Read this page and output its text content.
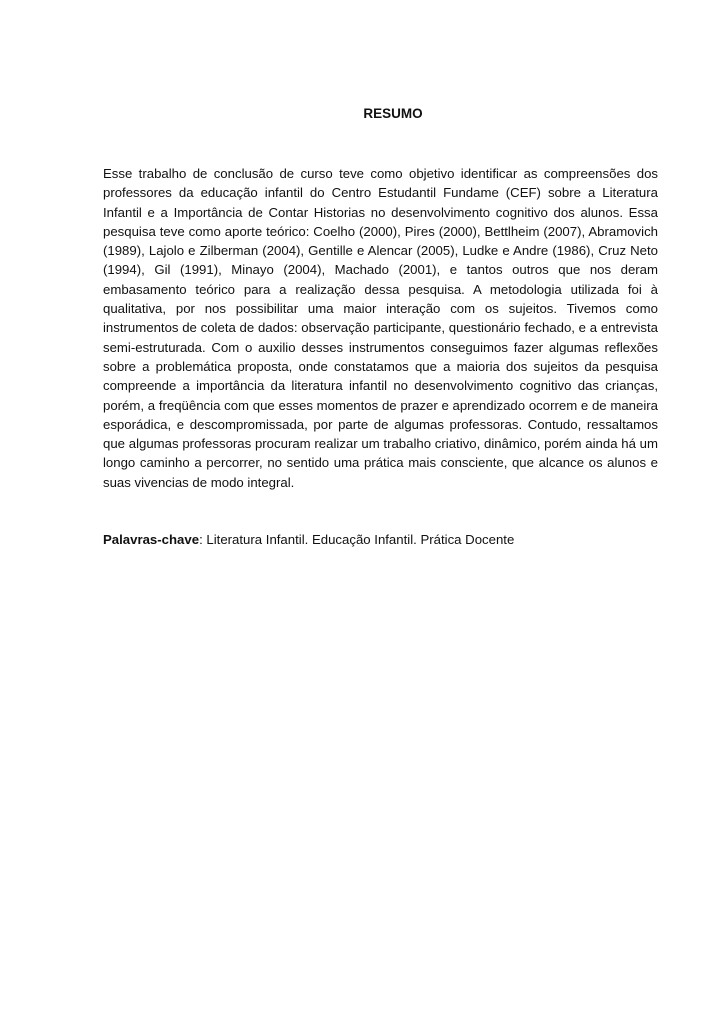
RESUMO

Esse trabalho de conclusão de curso teve como objetivo identificar as compreensões dos professores da educação infantil do Centro Estudantil Fundame (CEF) sobre a Literatura Infantil e a Importância de Contar Historias no desenvolvimento cognitivo dos alunos. Essa pesquisa teve como aporte teórico: Coelho (2000), Pires (2000), Bettlheim (2007), Abramovich (1989), Lajolo e Zilberman (2004), Gentille e Alencar (2005), Ludke e Andre (1986), Cruz Neto (1994), Gil (1991), Minayo (2004), Machado (2001), e tantos outros que nos deram embasamento teórico para a realização dessa pesquisa. A metodologia utilizada foi à qualitativa, por nos possibilitar uma maior interação com os sujeitos. Tivemos como instrumentos de coleta de dados: observação participante, questionário fechado, e a entrevista semi-estruturada. Com o auxilio desses instrumentos conseguimos fazer algumas reflexões sobre a problemática proposta, onde constatamos que a maioria dos sujeitos da pesquisa compreende a importância da literatura infantil no desenvolvimento cognitivo das crianças, porém, a freqüência com que esses momentos de prazer e aprendizado ocorrem e de maneira esporádica, e descompromissada, por parte de algumas professoras. Contudo, ressaltamos que algumas professoras procuram realizar um trabalho criativo, dinâmico, porém ainda há um longo caminho a percorrer, no sentido uma prática mais consciente, que alcance os alunos e suas vivencias de modo integral.

Palavras-chave: Literatura Infantil. Educação Infantil. Prática Docente
